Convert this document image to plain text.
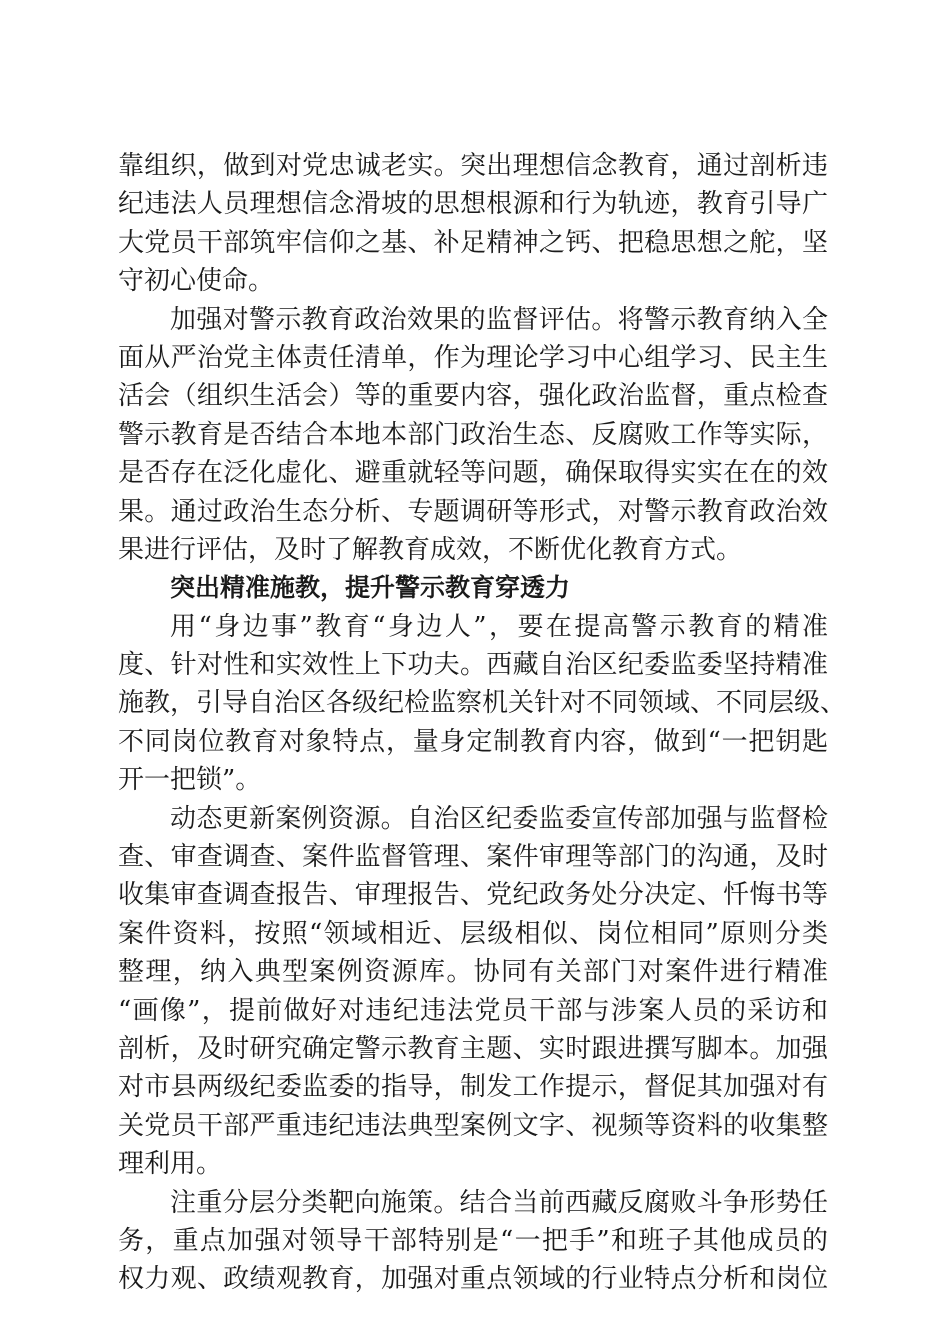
靠组织，做到对党忠诚老实。突出理想信念教育，通过剖析违
纪违法人员理想信念滑坡的思想根源和行为轨迹，教育引导广
大党员干部筑牢信仰之基、补足精神之钙、把稳思想之舵，坚
守初心使命。
加强对警示教育政治效果的监督评估。将警示教育纳入全
面从严治党主体责任清单，作为理论学习中心组学习、民主生
活会（组织生活会）等的重要内容，强化政治监督，重点检查
警示教育是否结合本地本部门政治生态、反腐败工作等实际，
是否存在泛化虚化、避重就轻等问题，确保取得实实在在的效
果。通过政治生态分析、专题调研等形式，对警示教育政治效
果进行评估，及时了解教育成效，不断优化教育方式。
突出精准施教，提升警示教育穿透力
用“身边事”教育“身边人”，要在提高警示教育的精准
度、针对性和实效性上下功夫。西藏自治区纪委监委坚持精准
施教，引导自治区各级纪检监察机关针对不同领域、不同层级、
不同岗位教育对象特点，量身定制教育内容，做到“一把钥匙
开一把锁”。
动态更新案例资源。自治区纪委监委宣传部加强与监督检
查、审查调查、案件监督管理、案件审理等部门的沟通，及时
收集审查调查报告、审理报告、党纪政务处分决定、忏悔书等
案件资料，按照“领域相近、层级相似、岗位相同”原则分类
整理，纳入典型案例资源库。协同有关部门对案件进行精准
“画像”，提前做好对违纪违法党员干部与涉案人员的采访和
剖析，及时研究确定警示教育主题、实时跟进撰写脚本。加强
对市县两级纪委监委的指导，制发工作提示，督促其加强对有
关党员干部严重违纪违法典型案例文字、视频等资料的收集整
理利用。
注重分层分类靶向施策。结合当前西藏反腐败斗争形势任
务，重点加强对领导干部特别是“一把手”和班子其他成员的
权力观、政绩观教育，加强对重点领域的行业特点分析和岗位
